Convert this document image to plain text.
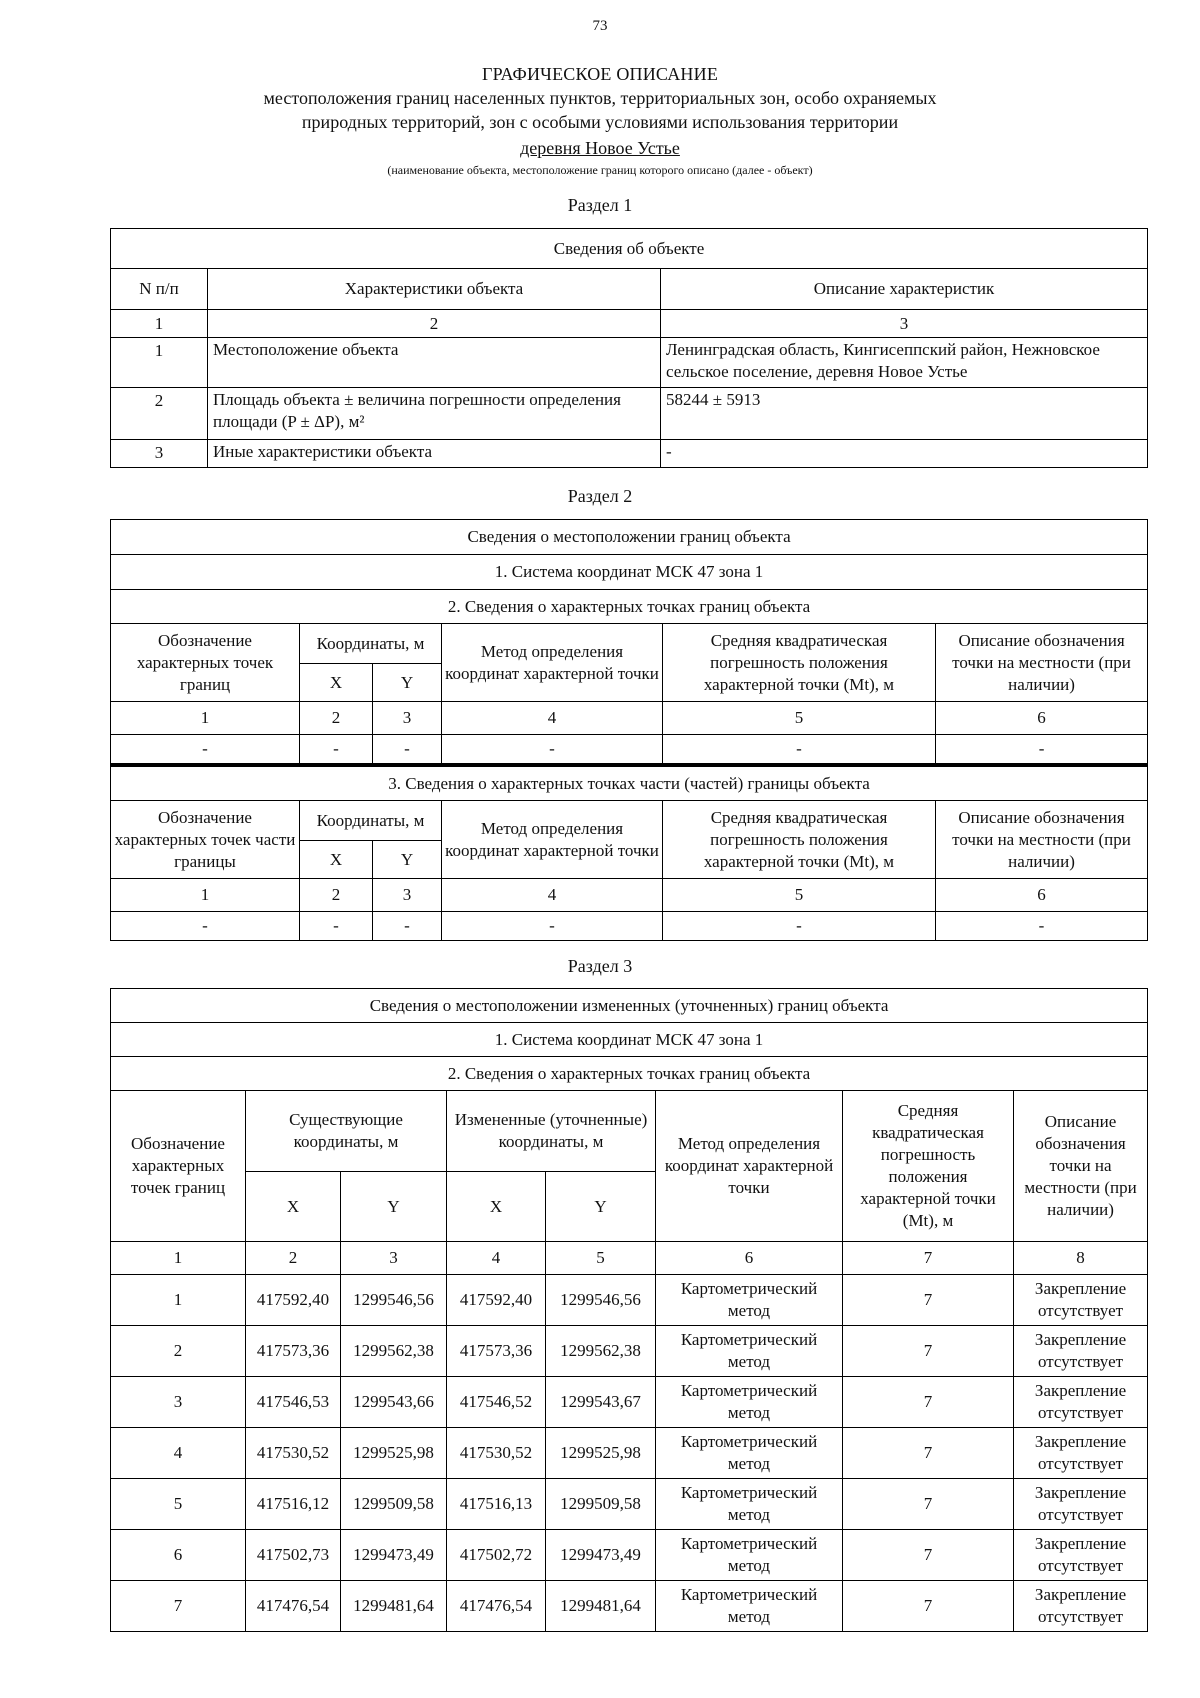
73
ГРАФИЧЕСКОЕ ОПИСАНИЕ
местоположения границ населенных пунктов, территориальных зон, особо охраняемых
природных территорий, зон с особыми условиями использования территории
деревня Новое Устье
(наименование объекта, местоположение границ которого описано (далее - объект)
Раздел 1
Сведения об объекте		
N п/п	Характеристики объекта	Описание характеристик
1	2	3
1	Местоположение объекта	Ленинградская область, Кингисеппский район, Нежновское сельское поселение, деревня Новое Устье
2	Площадь объекта ± величина погрешности определения площади (P ± ΔP), м²	58244 ± 5913
3	Иные характеристики объекта	-
Раздел 2
Сведения о местоположении границ объекта					
1. Система координат МСК 47 зона 1					
2. Сведения о характерных точках границ объекта					
Обозначение характерных точек границ	Координаты, м		Метод определения координат характерной точки	Средняя квадратическая погрешность положения характерной точки (Mt), м	Описание обозначения точки на местности (при наличии)
	X	Y			
1	2	3	4	5	6
-	-	-	-	-	-
3. Сведения о характерных точках части (частей) границы объекта					
Обозначение характерных точек части границы	Координаты, м		Метод определения координат характерной точки	Средняя квадратическая погрешность положения характерной точки (Mt), м	Описание обозначения точки на местности (при наличии)
	X	Y			
1	2	3	4	5	6
-	-	-	-	-	-
Раздел 3
Сведения о местоположении измененных (уточненных) границ объекта							
1. Система координат МСК 47 зона 1							
2. Сведения о характерных точках границ объекта							
Обозначение характерных точек границ	Существующие координаты, м		Измененные (уточненные) координаты, м		Метод определения координат характерной точки	Средняя квадратическая погрешность положения характерной точки (Mt), м	Описание обозначения точки на местности (при наличии)
	X	Y	X	Y			
1	2	3	4	5	6	7	8
1	417592,40	1299546,56	417592,40	1299546,56	Картометрический метод	7	Закрепление отсутствует
2	417573,36	1299562,38	417573,36	1299562,38	Картометрический метод	7	Закрепление отсутствует
3	417546,53	1299543,66	417546,52	1299543,67	Картометрический метод	7	Закрепление отсутствует
4	417530,52	1299525,98	417530,52	1299525,98	Картометрический метод	7	Закрепление отсутствует
5	417516,12	1299509,58	417516,13	1299509,58	Картометрический метод	7	Закрепление отсутствует
6	417502,73	1299473,49	417502,72	1299473,49	Картометрический метод	7	Закрепление отсутствует
7	417476,54	1299481,64	417476,54	1299481,64	Картометрический метод	7	Закрепление отсутствует
